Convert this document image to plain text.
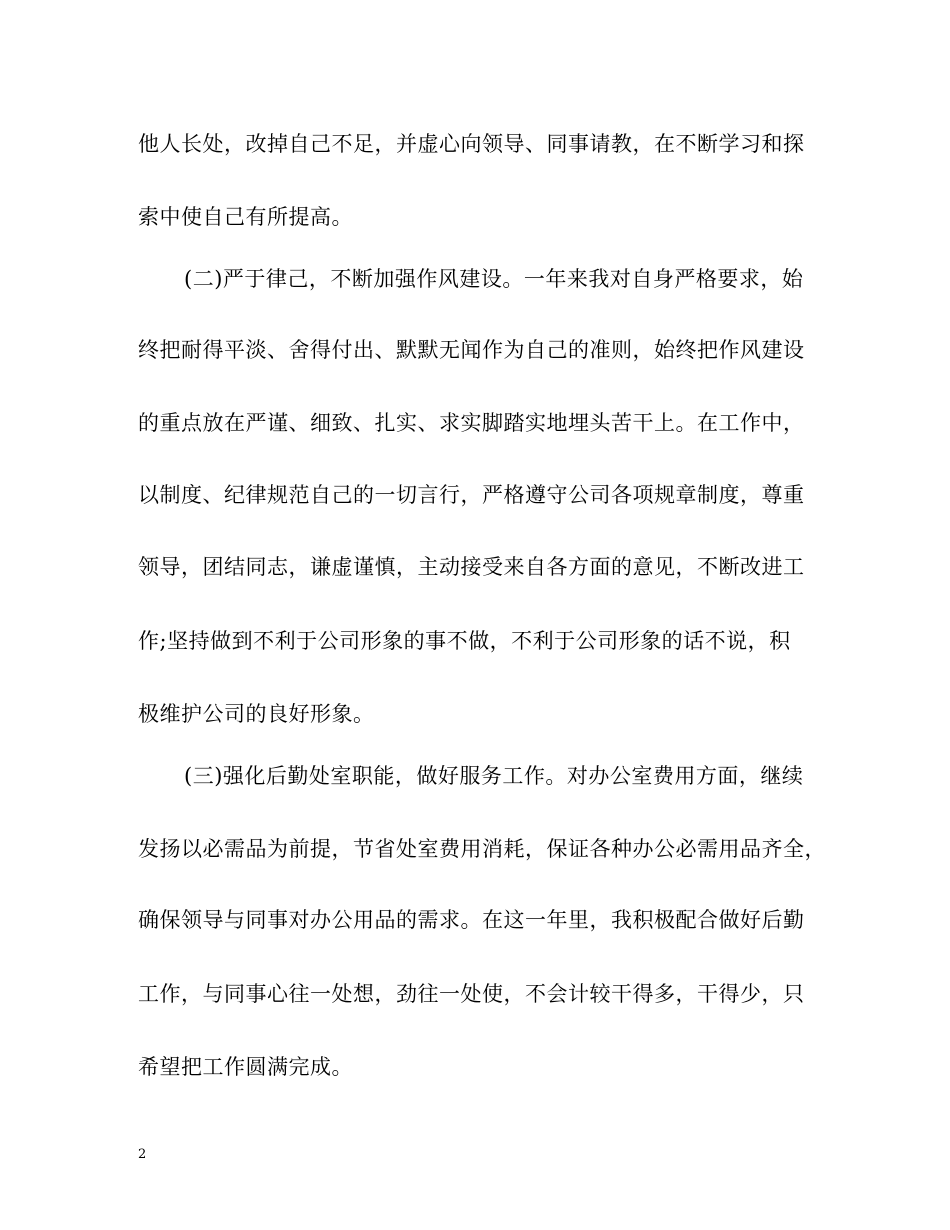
他人长处，改掉自己不足，并虚心向领导、同事请教，在不断学习和探
索中使自己有所提高。
(二)严于律己，不断加强作风建设。一年来我对自身严格要求，始
终把耐得平淡、舍得付出、默默无闻作为自己的准则，始终把作风建设
的重点放在严谨、细致、扎实、求实脚踏实地埋头苦干上。在工作中，
以制度、纪律规范自己的一切言行，严格遵守公司各项规章制度，尊重
领导，团结同志，谦虚谨慎，主动接受来自各方面的意见，不断改进工
作;坚持做到不利于公司形象的事不做，不利于公司形象的话不说，积
极维护公司的良好形象。
(三)强化后勤处室职能，做好服务工作。对办公室费用方面，继续
发扬以必需品为前提，节省处室费用消耗，保证各种办公必需用品齐全，
确保领导与同事对办公用品的需求。在这一年里，我积极配合做好后勤
工作，与同事心往一处想，劲往一处使，不会计较干得多，干得少，只
希望把工作圆满完成。
2
